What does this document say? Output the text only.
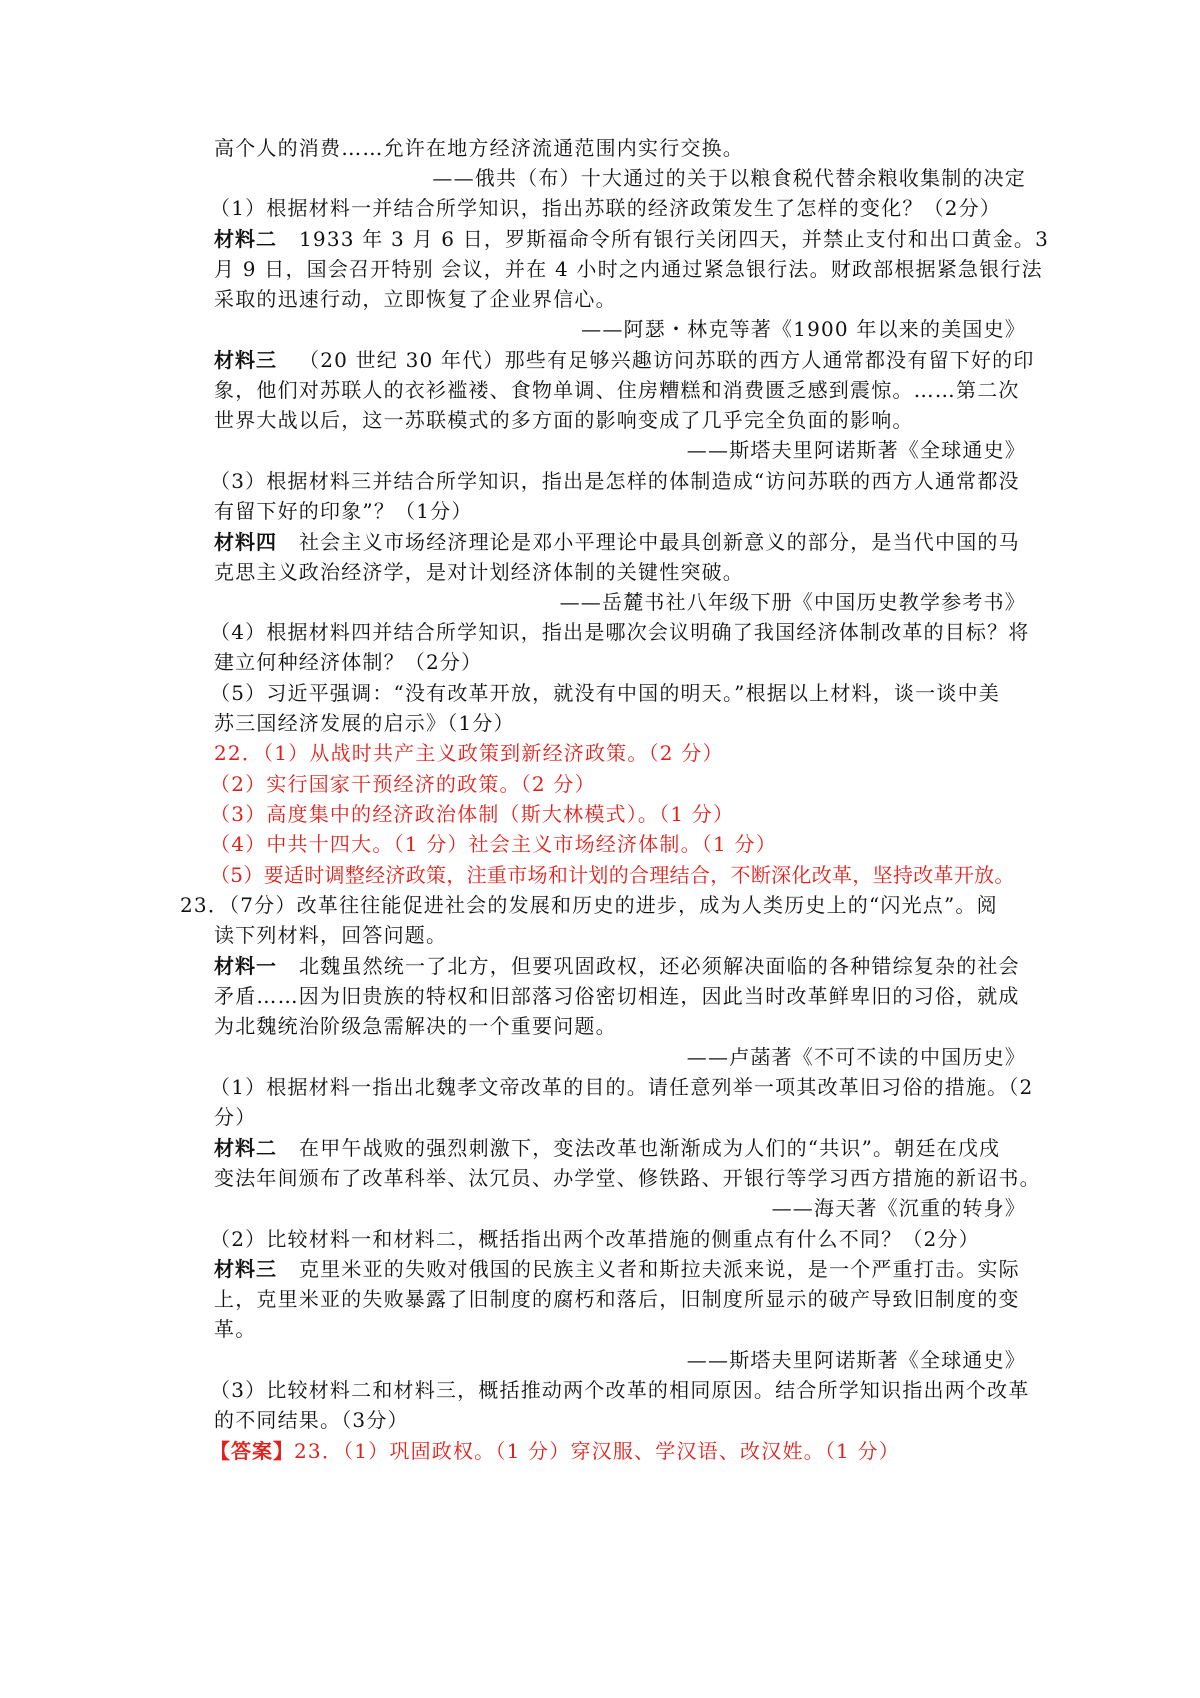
高个人的消费……允许在地方经济流通范围内实行交换。
——俄共（布）十大通过的关于以粮食税代替余粮收集制的决定
（1）根据材料一并结合所学知识，指出苏联的经济政策发生了怎样的变化？（2分）
材料二 1933 年 3 月 6 日，罗斯福命令所有银行关闭四天，并禁止支付和出口黄金。3
月 9 日，国会召开特别 会议，并在 4 小时之内通过紧急银行法。财政部根据紧急银行法
采取的迅速行动，立即恢复了企业界信心。
——阿瑟・林克等著《1900 年以来的美国史》
材料三 （20 世纪 30 年代）那些有足够兴趣访问苏联的西方人通常都没有留下好的印
象，他们对苏联人的衣衫褴褛、食物单调、住房糟糕和消费匮乏感到震惊。……第二次
世界大战以后，这一苏联模式的多方面的影响变成了几乎完全负面的影响。
——斯塔夫里阿诺斯著《全球通史》
（3）根据材料三并结合所学知识，指出是怎样的体制造成“访问苏联的西方人通常都没
有留下好的印象”？（1分）
材料四 社会主义市场经济理论是邓小平理论中最具创新意义的部分，是当代中国的马
克思主义政治经济学，是对计划经济体制的关键性突破。
——岳麓书社八年级下册《中国历史教学参考书》
（4）根据材料四并结合所学知识，指出是哪次会议明确了我国经济体制改革的目标？将
建立何种经济体制？（2分）
（5）习近平强调：“没有改革开放，就没有中国的明天。”根据以上材料，谈一谈中美
苏三国经济发展的启示》（1分）
22．（1）从战时共产主义政策到新经济政策。（2 分）
（2）实行国家干预经济的政策。（2 分）
（3）高度集中的经济政治体制（斯大林模式）。（1 分）
（4）中共十四大。（1 分）社会主义市场经济体制。（1 分）
（5）要适时调整经济政策，注重市场和计划的合理结合，不断深化改革，坚持改革开放。
23．（7分）改革往往能促进社会的发展和历史的进步，成为人类历史上的“闪光点”。阅
读下列材料，回答问题。
材料一 北魏虽然统一了北方，但要巩固政权，还必须解决面临的各种错综复杂的社会
矛盾……因为旧贵族的特权和旧部落习俗密切相连，因此当时改革鲜卑旧的习俗，就成
为北魏统治阶级急需解决的一个重要问题。
——卢菡著《不可不读的中国历史》
（1）根据材料一指出北魏孝文帝改革的目的。请任意列举一项其改革旧习俗的措施。（2
分）
材料二 在甲午战败的强烈刺激下，变法改革也渐渐成为人们的“共识”。朝廷在戊戌
变法年间颁布了改革科举、汰冗员、办学堂、修铁路、开银行等学习西方措施的新诏书。
——海天著《沉重的转身》
（2）比较材料一和材料二，概括指出两个改革措施的侧重点有什么不同？（2分）
材料三 克里米亚的失败对俄国的民族主义者和斯拉夫派来说，是一个严重打击。实际
上，克里米亚的失败暴露了旧制度的腐朽和落后，旧制度所显示的破产导致旧制度的变
革。
——斯塔夫里阿诺斯著《全球通史》
（3）比较材料二和材料三，概括推动两个改革的相同原因。结合所学知识指出两个改革
的不同结果。（3分）
【答案】23．（1）巩固政权。（1 分）穿汉服、学汉语、改汉姓。（1 分）
